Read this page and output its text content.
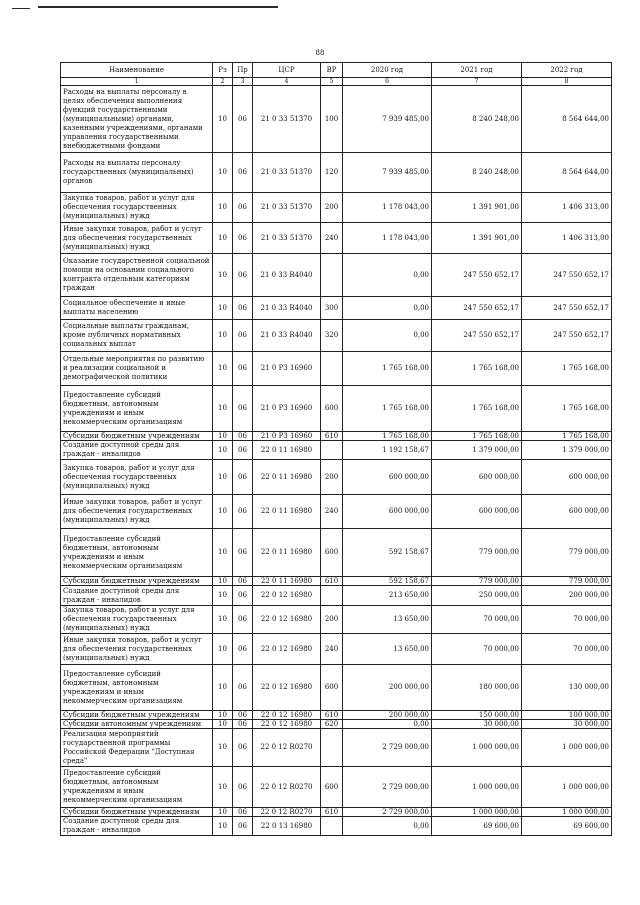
88
Наименование	Рз	Пр	ЦСР	ВР	2020 год	2021 год	2022 год
1	2	3	4	5	6	7	8
Расходы на выплаты персоналу в целях обеспечения выполнения функций государственными (муниципальными) органами, казенными учреждениями, органами управления государственными внебюджетными фондами	10	06	21 0 33 51370	100	7 939 485,00	8 240 248,00	8 564 644,00
Расходы на выплаты персоналу государственных (муниципальных) органов	10	06	21 0 33 51370	120	7 939 485,00	8 240 248,00	8 564 644,00
Закупка товаров, работ и услуг для обеспечения государственных (муниципальных) нужд	10	06	21 0 33 51370	200	1 178 043,00	1 391 901,00	1 406 313,00
Иные закупки товаров, работ и услуг для обеспечения государственных (муниципальных) нужд	10	06	21 0 33 51370	240	1 178 043,00	1 391 901,00	1 406 313,00
Оказание государственной социальной помощи на основании социального контракта отдельным категориям граждан	10	06	21 0 33 R4040		0,00	247 550 652,17	247 550 652,17
Социальное обеспечение и иные выплаты населению	10	06	21 0 33 R4040	300	0,00	247 550 652,17	247 550 652,17
Социальные выплаты гражданам, кроме публичных нормативных социальных выплат	10	06	21 0 33 R4040	320	0,00	247 550 652,17	247 550 652,17
Отдельные мероприятия по развитию и реализации социальной и демографической политики	10	06	21 0 P3 16960		1 765 168,00	1 765 168,00	1 765 168,00
Предоставление субсидий бюджетным, автономным учреждениям и иным некоммерческим организациям	10	06	21 0 P3 16960	600	1 765 168,00	1 765 168,00	1 765 168,00
Субсидии бюджетным учреждениям	10	06	21 0 P3 16960	610	1 765 168,00	1 765 168,00	1 765 168,00
Создание доступной среды для граждан - инвалидов	10	06	22 0 11 16980		1 192 158,67	1 379 000,00	1 379 000,00
Закупка товаров, работ и услуг для обеспечения государственных (муниципальных) нужд	10	06	22 0 11 16980	200	600 000,00	600 000,00	600 000,00
Иные закупки товаров, работ и услуг для обеспечения государственных (муниципальных) нужд	10	06	22 0 11 16980	240	600 000,00	600 000,00	600 000,00
Предоставление субсидий бюджетным, автономным учреждениям и иным некоммерческим организациям	10	06	22 0 11 16980	600	592 158,67	779 000,00	779 000,00
Субсидии бюджетным учреждениям	10	06	22 0 11 16980	610	592 158,67	779 000,00	779 000,00
Создание доступной среды для граждан - инвалидов	10	06	22 0 12 16980		213 650,00	250 000,00	200 000,00
Закупка товаров, работ и услуг для обеспечения государственных (муниципальных) нужд	10	06	22 0 12 16980	200	13 650,00	70 000,00	70 000,00
Иные закупки товаров, работ и услуг для обеспечения государственных (муниципальных) нужд	10	06	22 0 12 16980	240	13 650,00	70 000,00	70 000,00
Предоставление субсидий бюджетным, автономным учреждениям и иным некоммерческим организациям	10	06	22 0 12 16980	600	200 000,00	180 000,00	130 000,00
Субсидии бюджетным учреждениям	10	06	22 0 12 16980	610	200 000,00	150 000,00	100 000,00
Субсидии автономным учреждениям	10	06	22 0 12 16980	620	0,00	30 000,00	30 000,00
Реализация мероприятий государственной программы Российской Федерации "Доступная среда"	10	06	22 0 12 R0270		2 729 000,00	1 000 000,00	1 000 000,00
Предоставление субсидий бюджетным, автономным учреждениям и иным некоммерческим организациям	10	06	22 0 12 R0270	600	2 729 000,00	1 000 000,00	1 000 000,00
Субсидии бюджетным учреждениям	10	06	22 0 12 R0270	610	2 729 000,00	1 000 000,00	1 000 000,00
Создание доступной среды для граждан - инвалидов	10	06	22 0 13 16980		0,00	69 600,00	69 600,00
